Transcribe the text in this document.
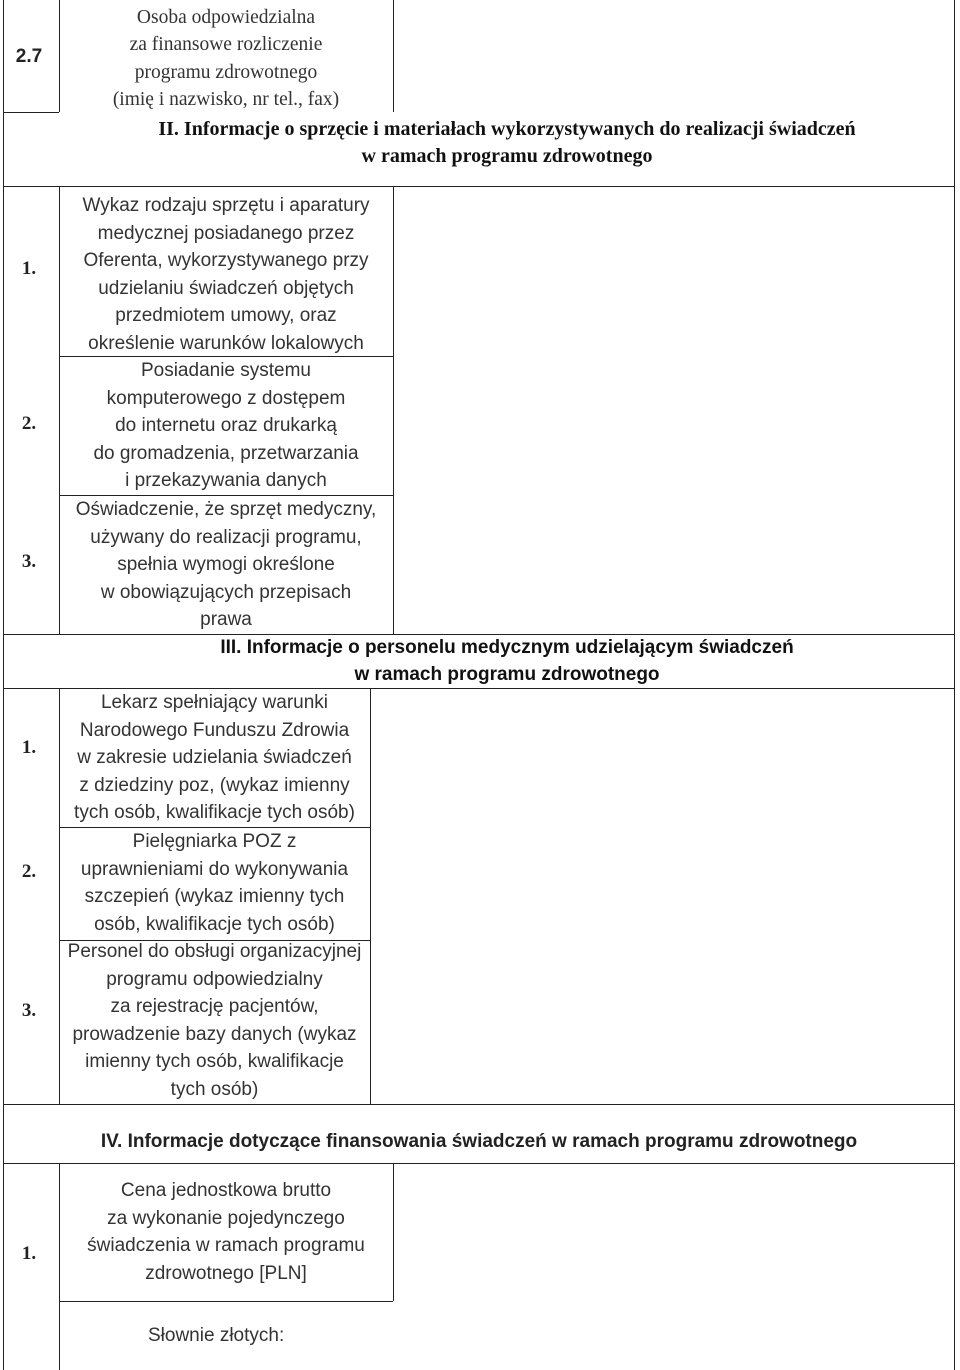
2.7
Osoba odpowiedzialna
za finansowe rozliczenie
programu zdrowotnego
(imię i nazwisko, nr tel., fax)
II. Informacje o sprzęcie i materiałach wykorzystywanych do realizacji świadczeń
w ramach programu zdrowotnego
1.
Wykaz rodzaju sprzętu i aparatury
medycznej posiadanego przez
Oferenta, wykorzystywanego przy
udzielaniu świadczeń objętych
przedmiotem umowy, oraz
określenie warunków lokalowych
2.
Posiadanie systemu
komputerowego z dostępem
do internetu oraz drukarką
do gromadzenia, przetwarzania
i przekazywania danych
3.
Oświadczenie, że sprzęt medyczny,
używany do realizacji programu,
spełnia wymogi określone
w obowiązujących przepisach
prawa
III. Informacje o personelu medycznym udzielającym świadczeń
w ramach programu zdrowotnego
1.
Lekarz spełniający warunki
Narodowego Funduszu Zdrowia
w zakresie udzielania świadczeń
z dziedziny poz, (wykaz imienny
tych osób, kwalifikacje tych osób)
2.
Pielęgniarka POZ z
uprawnieniami do wykonywania
szczepień (wykaz imienny tych
osób, kwalifikacje tych osób)
3.
Personel do obsługi organizacyjnej
programu odpowiedzialny
za rejestrację pacjentów,
prowadzenie bazy danych (wykaz
imienny tych osób, kwalifikacje
tych osób)
IV. Informacje dotyczące finansowania świadczeń w ramach programu zdrowotnego
1.
Cena jednostkowa brutto
za wykonanie pojedynczego
świadczenia w ramach programu
zdrowotnego [PLN]
Słownie złotych:
